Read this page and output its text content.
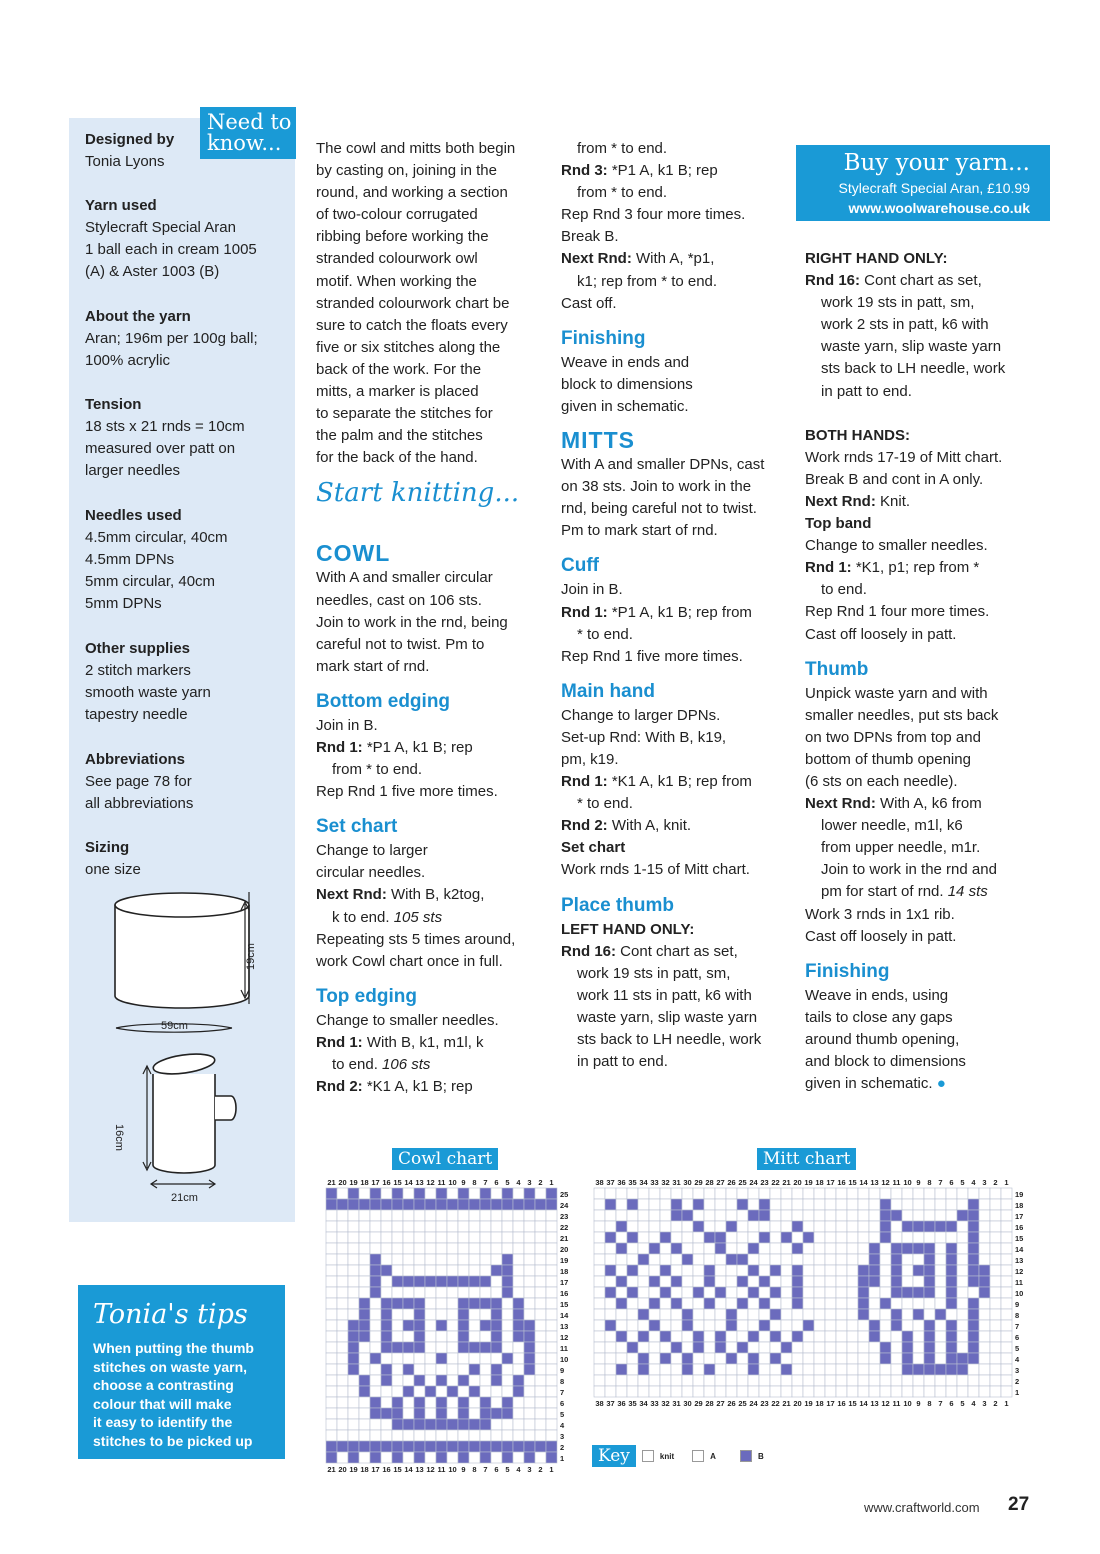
Designed by
Tonia Lyons
Yarn used
Stylecraft Special Aran
1 ball each in cream 1005
(A) & Aster 1003 (B)
About the yarn
Aran; 196m per 100g ball;
100% acrylic
Tension
18 sts x 21 rnds = 10cm
measured over patt on
larger needles
Needles used
4.5mm circular, 40cm
4.5mm DPNs
5mm circular, 40cm
5mm DPNs
Other supplies
2 stitch markers
smooth waste yarn
tapestry needle
Abbreviations
See page 78 for
all abbreviations
Sizing
one size
19cm
59cm
16cm
21cm
Need to
know...	The cowl and mitts both begin

by casting on, joining in the

round, and working a section

of two-colour corrugated

ribbing before working the

stranded colourwork owl

motif. When working the

stranded colourwork chart be

sure to catch the floats every

five or six stitches along the

back of the work. For the

mitts, a marker is placed

to separate the stitches for

the palm and the stitches

for the back of the hand.

COWL

With A and smaller circular

needles, cast on 106 sts.

Join to work in the rnd, being

careful not to twist. Pm to

mark start of rnd.

Bottom edging

Join in B.

Rnd 1: *P1 A, k1 B; rep

from * to end.

Rep Rnd 1 five more times.

Set chart

Change to larger

circular needles.

Next Rnd: With B, k2tog,

k to end. 105 sts

Repeating sts 5 times around,

work Cowl chart once in full.

Top edging

Change to smaller needles.

Rnd 1: With B, k1, m1l, k

to end. 106 sts

Rnd 2: *K1 A, k1 B; rep

Start knitting...

from * to end.

Rnd 3: *P1 A, k1 B; rep

from * to end.

Rep Rnd 3 four more times.

Break B.

Next Rnd: With A, *p1,

k1; rep from * to end.

Cast off.

Finishing

Weave in ends and

block to dimensions

given in schematic.

MITTS

With A and smaller DPNs, cast

on 38 sts. Join to work in the

rnd, being careful not to twist.

Pm to mark start of rnd.

Cuff

Join in B.

Rnd 1: *P1 A, k1 B; rep from

* to end.

Rep Rnd 1 five more times.

Main hand

Change to larger DPNs.

Set-up Rnd: With B, k19,

pm, k19.

Rnd 1: *K1 A, k1 B; rep from

* to end.

Rnd 2: With A, knit.

Set chart

Work rnds 1-15 of Mitt chart.

Place thumb

LEFT HAND ONLY:

Rnd 16: Cont chart as set,

work 19 sts in patt, sm,

work 11 sts in patt, k6 with

waste yarn, slip waste yarn

sts back to LH needle, work

in patt to end.

Buy your yarn...
Stylecraft Special Aran, £10.99
www.woolwarehouse.co.uk

RIGHT HAND ONLY:

Rnd 16: Cont chart as set,

work 19 sts in patt, sm,

work 2 sts in patt, k6 with

waste yarn, slip waste yarn

sts back to LH needle, work

in patt to end.

BOTH HANDS:

Work rnds 17-19 of Mitt chart.

Break B and cont in A only.

Next Rnd: Knit.

Top band

Change to smaller needles.

Rnd 1: *K1, p1; rep from *

to end.

Rep Rnd 1 four more times.

Cast off loosely in patt.

Thumb

Unpick waste yarn and with

smaller needles, put sts back

on two DPNs from top and

bottom of thumb opening

(6 sts on each needle).

Next Rnd: With A, k6 from

lower needle, m1l, k6

from upper needle, m1r.

Join to work in the rnd and

pm for start of rnd. 14 sts

Work 3 rnds in 1x1 rib.

Cast off loosely in patt.

Finishing

Weave in ends, using

tails to close any gaps

around thumb opening,

and block to dimensions

given in schematic. ●

Tonia's tips
When putting the thumb
stitches on waste yarn,
choose a contrasting
colour that will make
it easy to identify the
stitches to be picked up
Cowl chart	Mitt chart
21
21
20
20
19
19
18
18
17
17
16
16
15
15
14
14
13
13
12
12
11
11
10
10
9
9
8
8
7
7
6
6
5
5
4
4
3
3
2
2
1
1
25
24
23
22
21
20
19
18
17
16
15
14
13
12
11
10
9
8
7
6
5
4
3
2
1
38
38
37
37
36
36
35
35
34
34
33
33
32
32
31
31
30
30
29
29
28
28
27
27
26
26
25
25
24
24
23
23
22
22
21
21
20
20
19
19
18
18
17
17
16
16
15
15
14
14
13
13
12
12
11
11
10
10
9
9
8
8
7
7
6
6
5
5
4
4
3
3
2
2
1
1
19
18
17
16
15
14
13
12
11
10
9
8
7
6
5
4
3
2
1
Key	knit	A	B
www.craftworld.com 27
